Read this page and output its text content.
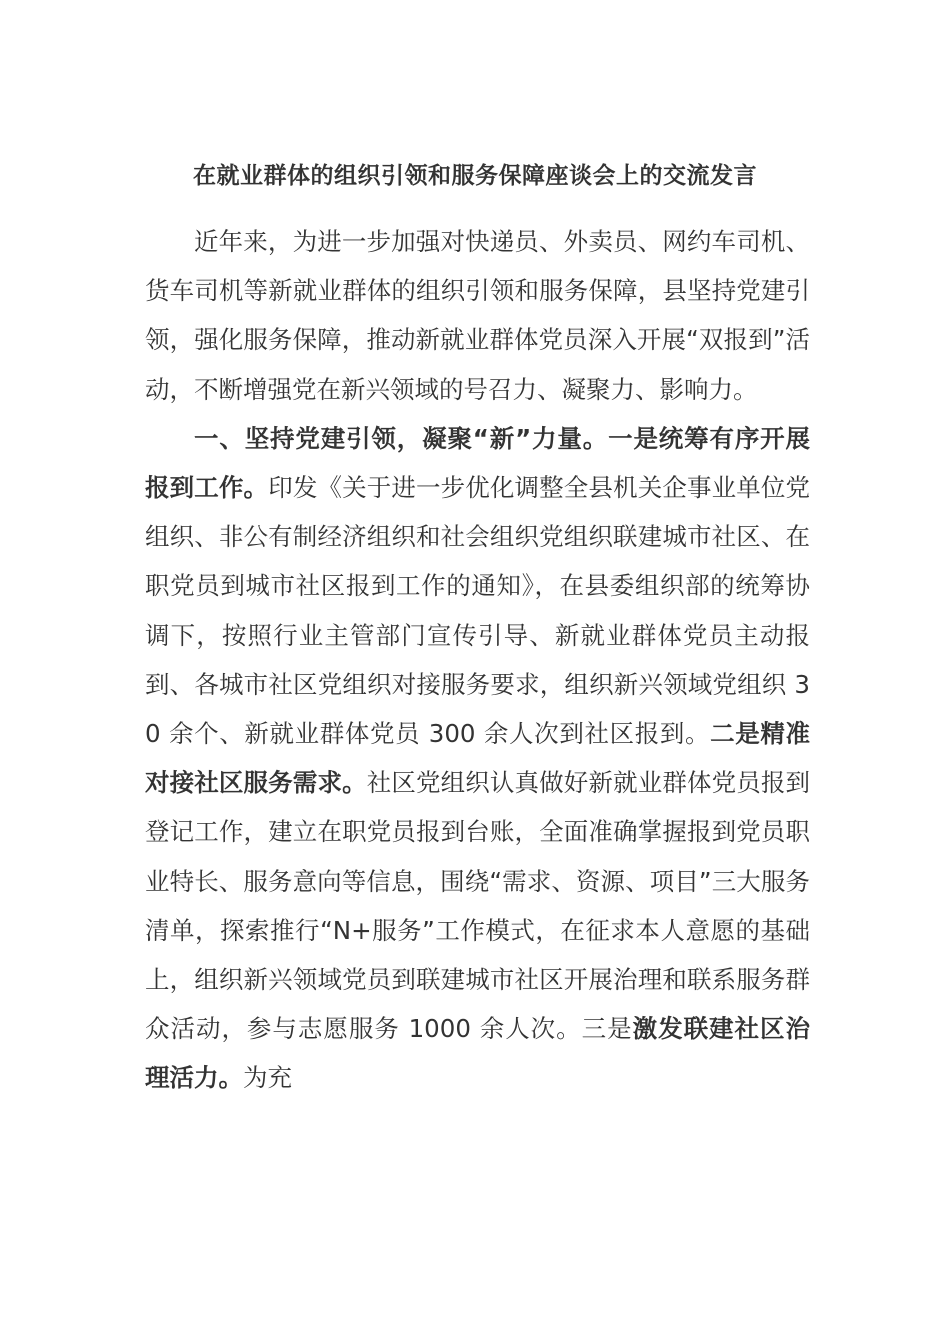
在就业群体的组织引领和服务保障座谈会上的交流发言

近年来，为进一步加强对快递员、外卖员、网约车司机、货车司机等新就业群体的组织引领和服务保障，县坚持党建引领，强化服务保障，推动新就业群体党员深入开展“双报到”活动，不断增强党在新兴领域的号召力、凝聚力、影响力。

一、坚持党建引领，凝聚“新”力量。一是统筹有序开展报到工作。印发《关于进一步优化调整全县机关企事业单位党组织、非公有制经济组织和社会组织党组织联建城市社区、在职党员到城市社区报到工作的通知》，在县委组织部的统筹协调下，按照行业主管部门宣传引导、新就业群体党员主动报到、各城市社区党组织对接服务要求，组织新兴领域党组织 30 余个、新就业群体党员 300 余人次到社区报到。二是精准对接社区服务需求。社区党组织认真做好新就业群体党员报到登记工作，建立在职党员报到台账，全面准确掌握报到党员职业特长、服务意向等信息，围绕“需求、资源、项目”三大服务清单，探索推行“N+服务”工作模式，在征求本人意愿的基础上，组织新兴领域党员到联建城市社区开展治理和联系服务群众活动，参与志愿服务 1000 余人次。三是激发联建社区治理活力。为充
